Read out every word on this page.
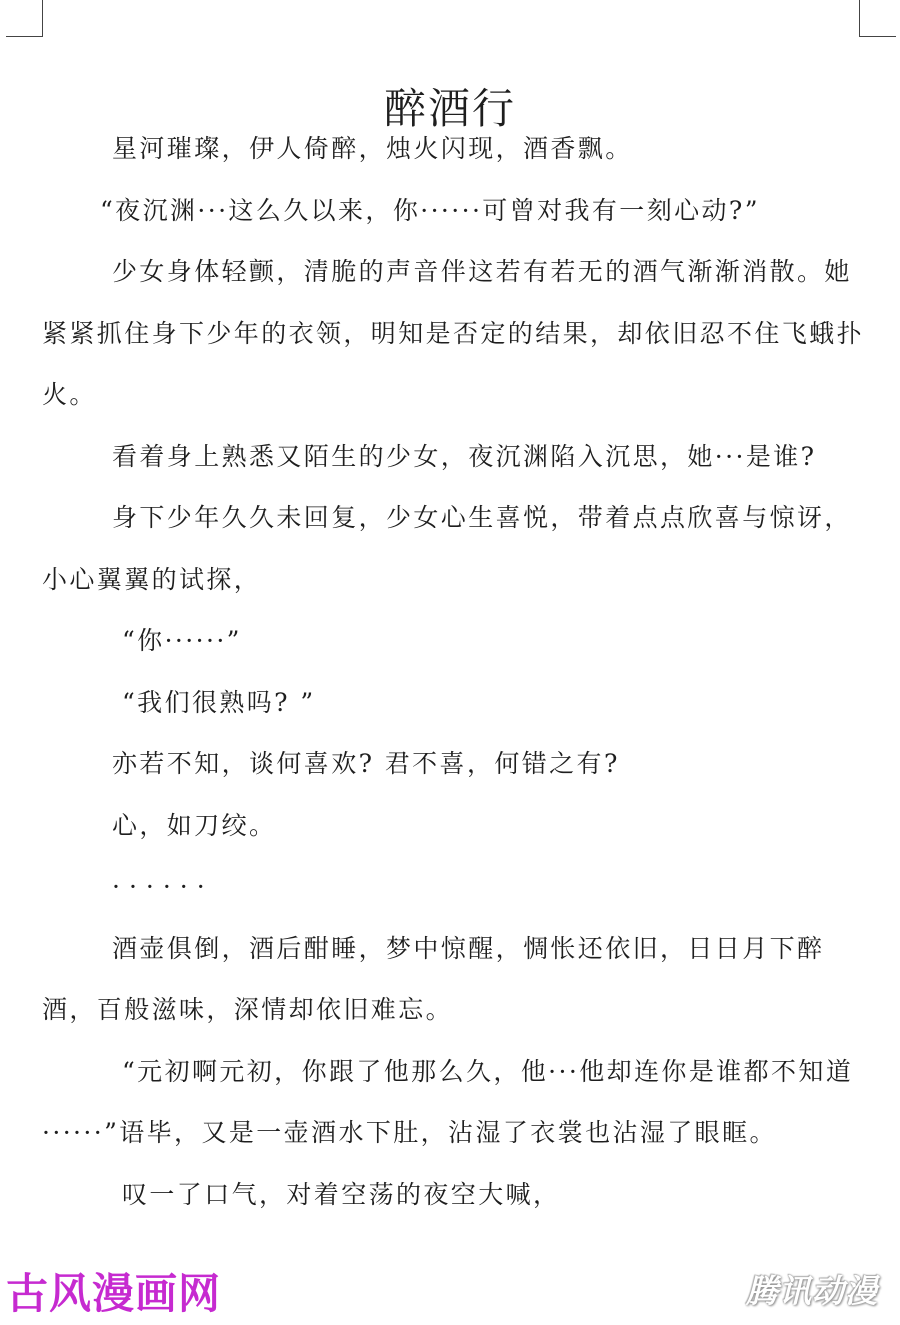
醉酒行

星河璀璨，伊人倚醉，烛火闪现，酒香飘。

“夜沉渊···这么久以来，你······可曾对我有一刻心动?”

少女身体轻颤，清脆的声音伴这若有若无的酒气渐渐消散。她紧紧抓住身下少年的衣领，明知是否定的结果，却依旧忍不住飞蛾扑火。

看着身上熟悉又陌生的少女，夜沉渊陷入沉思，她···是谁?

身下少年久久未回复，少女心生喜悦，带着点点欣喜与惊讶，小心翼翼的试探，

“你······”

“我们很熟吗? ”

亦若不知，谈何喜欢? 君不喜，何错之有?

心，如刀绞。

······

酒壶俱倒，酒后酣睡，梦中惊醒，惆怅还依旧，日日月下醉酒，百般滋味，深情却依旧难忘。

“元初啊元初，你跟了他那么久，他···他却连你是谁都不知道······”语毕，又是一壶酒水下肚，沾湿了衣裳也沾湿了眼眶。

叹一了口气，对着空荡的夜空大喊，

古风漫画网	腾讯动漫
